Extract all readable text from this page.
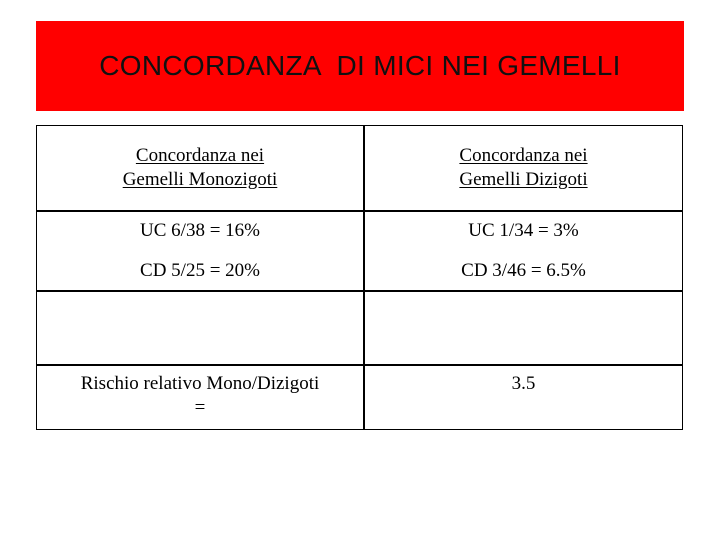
CONCORDANZA  DI MICI NEI GEMELLI
Concordanza nei
Gemelli Monozigoti
Concordanza nei
Gemelli Dizigoti
UC 6/38 = 16%	UC 1/34 = 3%
CD 5/25 = 20%	CD 3/46 = 6.5%
Rischio relativo Mono/Dizigoti
=
3.5
